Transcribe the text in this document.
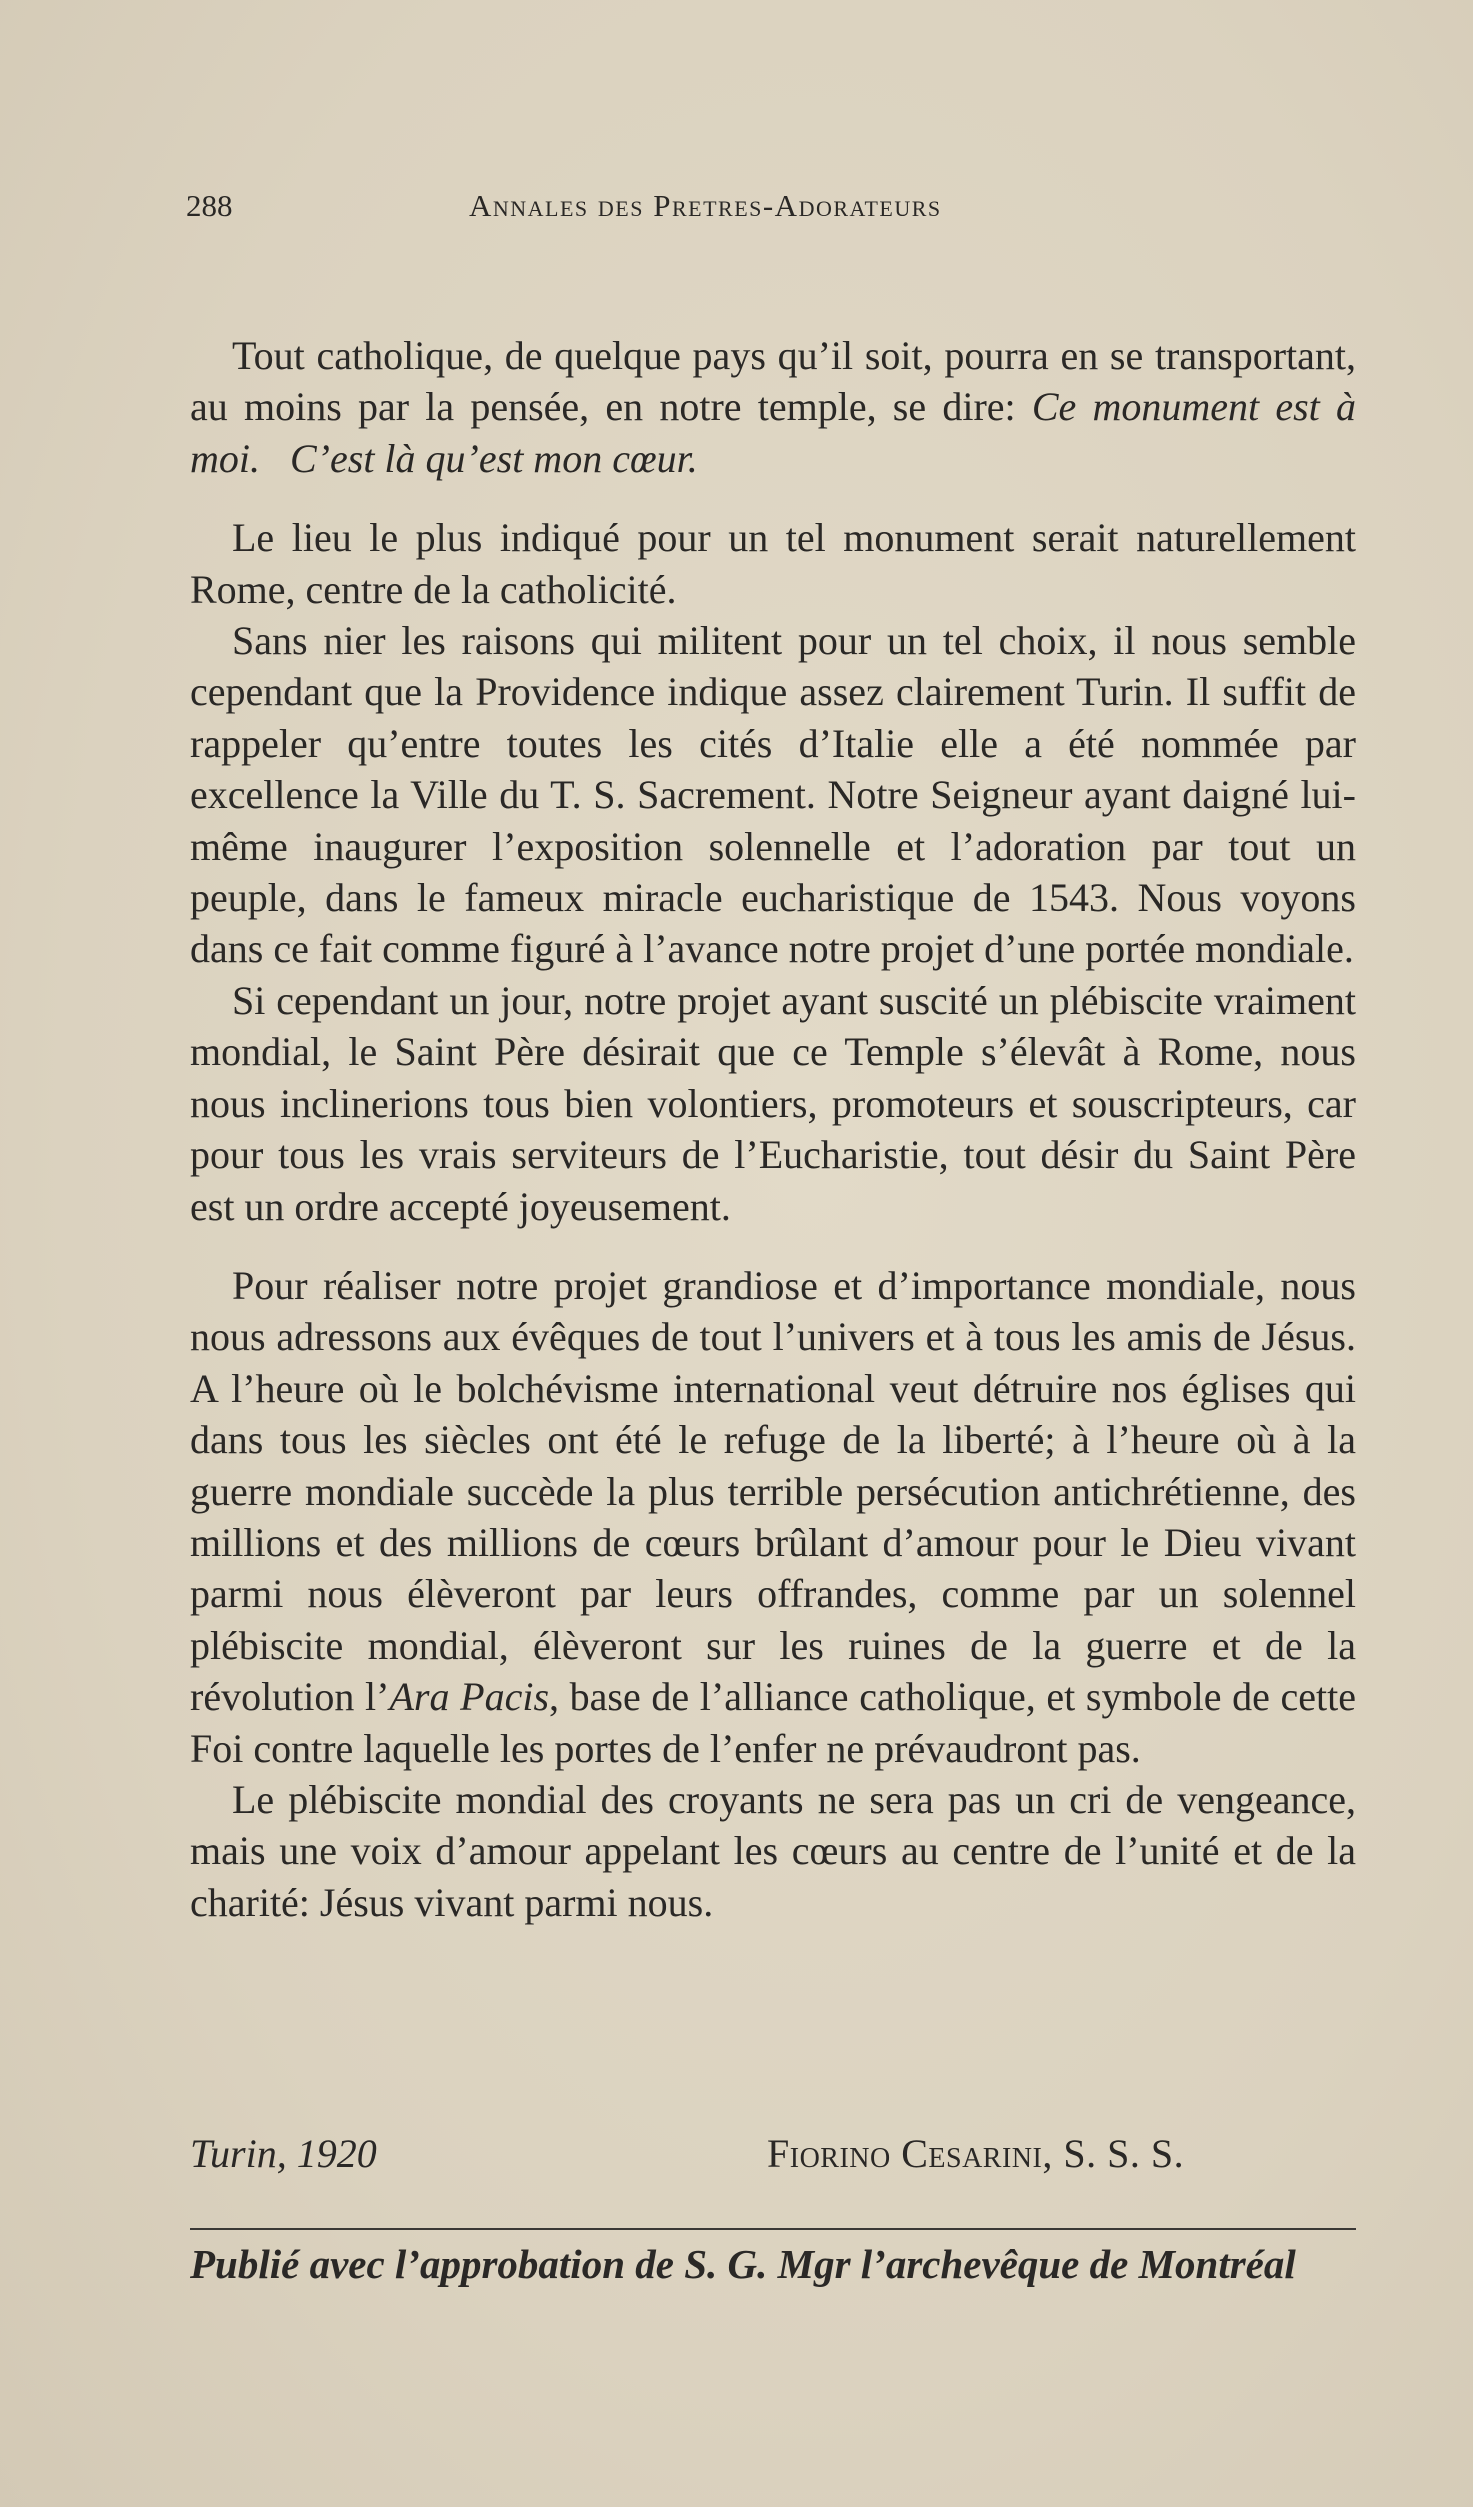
288	Annales des Pretres-Adorateurs

Tout catholique, de quelque pays qu’il soit, pourra en se transportant, au moins par la pensée, en notre temple, se dire: Ce monument est à moi. C’est là qu’est mon cœur.

Le lieu le plus indiqué pour un tel monument serait naturellement Rome, centre de la catholicité.

Sans nier les raisons qui militent pour un tel choix, il nous semble cependant que la Providence indique assez clairement Turin. Il suffit de rappeler qu’entre toutes les cités d’Italie elle a été nommée par excellence la Ville du T. S. Sacrement. Notre Seigneur ayant daigné lui-même inaugurer l’exposition solennelle et l’adoration par tout un peuple, dans le fameux miracle eucharistique de 1543. Nous voyons dans ce fait comme figuré à l’avance notre projet d’une portée mondiale.

Si cependant un jour, notre projet ayant suscité un plébiscite vraiment mondial, le Saint Père désirait que ce Temple s’élevât à Rome, nous nous inclinerions tous bien volontiers, promoteurs et souscripteurs, car pour tous les vrais serviteurs de l’Eucharistie, tout désir du Saint Père est un ordre accepté joyeusement.

Pour réaliser notre projet grandiose et d’importance mondiale, nous nous adressons aux évêques de tout l’univers et à tous les amis de Jésus. A l’heure où le bolchévisme international veut détruire nos églises qui dans tous les siècles ont été le refuge de la liberté; à l’heure où à la guerre mondiale succède la plus terrible persécution antichrétienne, des millions et des millions de cœurs brûlant d’amour pour le Dieu vivant parmi nous élèveront par leurs offrandes, comme par un solennel plébiscite mondial, élèveront sur les ruines de la guerre et de la révolution l’Ara Pacis, base de l’alliance catholique, et symbole de cette Foi contre laquelle les portes de l’enfer ne prévaudront pas.

Le plébiscite mondial des croyants ne sera pas un cri de vengeance, mais une voix d’amour appelant les cœurs au centre de l’unité et de la charité: Jésus vivant parmi nous.

Turin, 1920	Fiorino Cesarini, S. S. S.
Publié avec l’approbation de S. G. Mgr l’archevêque de Montréal
